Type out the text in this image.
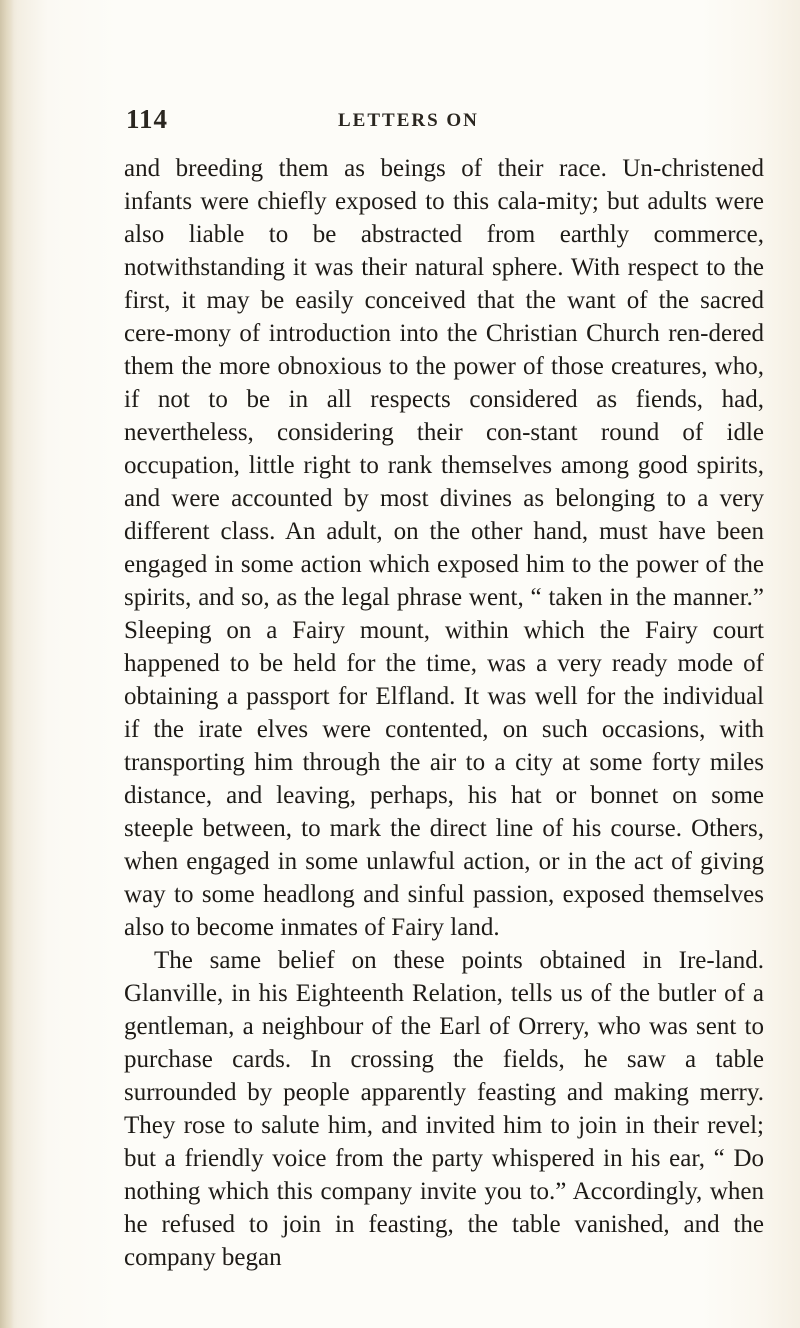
114	LETTERS ON

and breeding them as beings of their race. Un-christened infants were chiefly exposed to this cala-mity; but adults were also liable to be abstracted from earthly commerce, notwithstanding it was their natural sphere. With respect to the first, it may be easily conceived that the want of the sacred cere-mony of introduction into the Christian Church ren-dered them the more obnoxious to the power of those creatures, who, if not to be in all respects considered as fiends, had, nevertheless, considering their con-stant round of idle occupation, little right to rank themselves among good spirits, and were accounted by most divines as belonging to a very different class. An adult, on the other hand, must have been engaged in some action which exposed him to the power of the spirits, and so, as the legal phrase went, “ taken in the manner.” Sleeping on a Fairy mount, within which the Fairy court happened to be held for the time, was a very ready mode of obtaining a passport for Elfland. It was well for the individual if the irate elves were contented, on such occasions, with transporting him through the air to a city at some forty miles distance, and leaving, perhaps, his hat or bonnet on some steeple between, to mark the direct line of his course. Others, when engaged in some unlawful action, or in the act of giving way to some headlong and sinful passion, exposed themselves also to become inmates of Fairy land.

The same belief on these points obtained in Ire-land. Glanville, in his Eighteenth Relation, tells us of the butler of a gentleman, a neighbour of the Earl of Orrery, who was sent to purchase cards. In crossing the fields, he saw a table surrounded by people apparently feasting and making merry. They rose to salute him, and invited him to join in their revel; but a friendly voice from the party whispered in his ear, “ Do nothing which this company invite you to.” Accordingly, when he refused to join in feasting, the table vanished, and the company began
